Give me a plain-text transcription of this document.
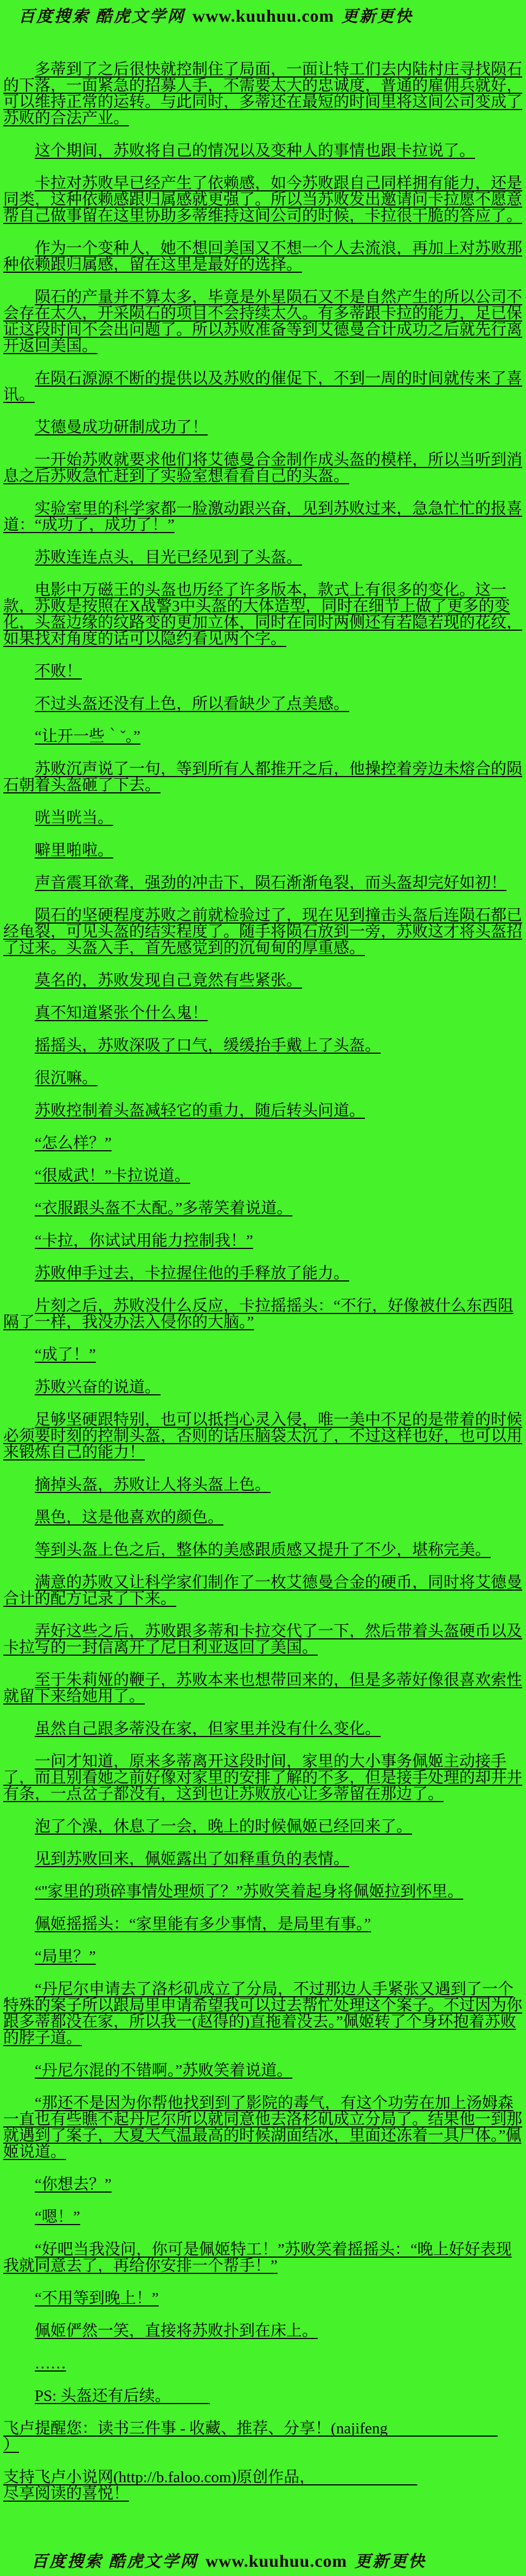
百度搜索 酷虎文学网 www.kuuhuu.com 更新更快

多蒂到了之后很快就控制住了局面，一面让特工们去内陆村庄寻找陨石的下落，一面紧急的招募人手，不需要太大的忠诚度，普通的雇佣兵就好，可以维持正常的运转。与此同时，多蒂还在最短的时间里将这间公司变成了苏败的合法产业。

这个期间，苏败将自己的情况以及变种人的事情也跟卡拉说了。

卡拉对苏败早已经产生了依赖感，如今苏败跟自己同样拥有能力，还是同类，这种依赖感跟归属感就更强了。所以当苏败发出邀请问卡拉愿不愿意帮自己做事留在这里协助多蒂维持这间公司的时候，卡拉很干脆的答应了。

作为一个变种人，她不想回美国又不想一个人去流浪，再加上对苏败那种依赖跟归属感，留在这里是最好的选择。

陨石的产量并不算太多，毕竟是外星陨石又不是自然产生的所以公司不会存在太久，开采陨石的项目不会持续太久。有多蒂跟卡拉的能力，足已保证这段时间不会出问题了。所以苏败准备等到艾德曼合计成功之后就先行离开返回美国。

在陨石源源不断的提供以及苏败的催促下，不到一周的时间就传来了喜讯。

艾德曼成功研制成功了！

一开始苏败就要求他们将艾德曼合金制作成头盔的模样，所以当听到消息之后苏败急忙赶到了实验室想看看自己的头盔。

实验室里的科学家都一脸激动跟兴奋，见到苏败过来，急急忙忙的报喜道：“成功了，成功了！”

苏败连连点头，目光已经见到了头盔。

电影中万磁王的头盔也历经了许多版本，款式上有很多的变化。这一款，苏败是按照在X战警3中头盔的大体造型，同时在细节上做了更多的变化，头盔边缘的纹路变的更加立体，同时在同时两侧还有若隐若现的花纹，如果找对角度的话可以隐约看见两个字。

不败！

不过头盔还没有上色，所以看缺少了点美感。

“让开一些｀ˇ。”

苏败沉声说了一句，等到所有人都推开之后，他操控着旁边未熔合的陨石朝着头盔砸了下去。

咣当咣当。

噼里啪啦。

声音震耳欲聋，强劲的冲击下，陨石渐渐龟裂，而头盔却完好如初！

陨石的坚硬程度苏败之前就检验过了，现在见到撞击头盔后连陨石都已经龟裂，可见头盔的结实程度了。随手将陨石放到一旁，苏败这才将头盔招了过来。头盔入手，首先感觉到的沉甸甸的厚重感。

莫名的，苏败发现自己竟然有些紧张。

真不知道紧张个什么鬼！

摇摇头，苏败深吸了口气，缓缓抬手戴上了头盔。

很沉嘛。

苏败控制着头盔减轻它的重力，随后转头问道。

“怎么样？”

“很威武！”卡拉说道。

“衣服跟头盔不太配。”多蒂笑着说道。

“卡拉，你试试用能力控制我！”

苏败伸手过去，卡拉握住他的手释放了能力。

片刻之后，苏败没什么反应，卡拉摇摇头：“不行，好像被什么东西阻隔了一样，我没办法入侵你的大脑。”

“成了！”

苏败兴奋的说道。

足够坚硬跟特别，也可以抵挡心灵入侵，唯一美中不足的是带着的时候必须要时刻的控制头盔，否则的话压脑袋太沉了，不过这样也好，也可以用来锻炼自己的能力！

摘掉头盔，苏败让人将头盔上色。

黑色，这是他喜欢的颜色。

等到头盔上色之后，整体的美感跟质感又提升了不少，堪称完美。

满意的苏败又让科学家们制作了一枚艾德曼合金的硬币，同时将艾德曼合计的配方记录了下来。

弄好这些之后，苏败跟多蒂和卡拉交代了一下，然后带着头盔硬币以及卡拉写的一封信离开了尼日利亚返回了美国。

至于朱莉娅的鞭子，苏败本来也想带回来的，但是多蒂好像很喜欢索性就留下来给她用了。

虽然自己跟多蒂没在家，但家里并没有什么变化。

一问才知道，原来多蒂离开这段时间，家里的大小事务佩姬主动接手了，而且别看她之前好像对家里的安排了解的不多，但是接手处理的却井井有条，一点岔子都没有，这到也让苏败放心让多蒂留在那边了。

泡了个澡，休息了一会，晚上的时候佩姬已经回来了。

见到苏败回来，佩姬露出了如释重负的表情。

“''家里的琐碎事情处理烦了？”苏败笑着起身将佩姬拉到怀里。

佩姬摇摇头：“家里能有多少事情，是局里有事。”

“局里？”

“丹尼尔申请去了洛杉矶成立了分局，不过那边人手紧张又遇到了一个特殊的案子所以跟局里申请希望我可以过去帮忙处理这个案子。不过因为你跟多蒂都没在家，所以我一(赵得的)直拖着没去。”佩姬转了个身环抱着苏败的脖子道。

“丹尼尔混的不错啊。”苏败笑着说道。

“那还不是因为你帮他找到到了影院的毒气，有这个功劳在加上汤姆森一直也有些瞧不起丹尼尔所以就同意他去洛杉矶成立分局了。结果他一到那就遇到了案子，大夏天气温最高的时候湖面结冰，里面还冻着一具尸体。”佩姬说道。

“你想去？”

“嗯！”

“好吧当我没问，你可是佩姬特工！”苏败笑着摇摇头：“晚上好好表现我就同意去了，再给你安排一个帮手！”

“不用等到晚上！”

佩姬俨然一笑，直接将苏败扑到在床上。

……

PS: 头盔还有后续。　　　

飞卢提醒您：读书三件事 - 收藏、推荐、分享！(najifeng　　　　　　　

）

支持飞卢小说网(http://b.faloo.com)原创作品，　　　　　　　

尽享阅读的喜悦！

百度搜索 酷虎文学网 www.kuuhuu.com 更新更快
